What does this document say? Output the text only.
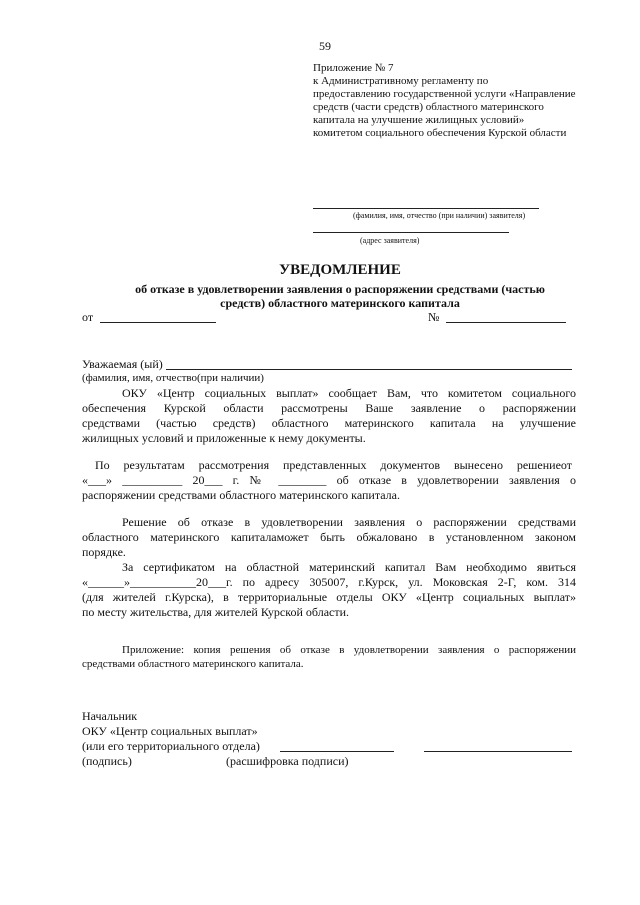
59
Приложение № 7
к Административному регламенту по
предоставлению государственной услуги «Направление
средств (части средств) областного материнского
капитала на улучшение жилищных условий»
комитетом социального обеспечения Курской области
(фамилия, имя, отчество (при наличии) заявителя)
(адрес заявителя)
УВЕДОМЛЕНИЕ
об отказе в удовлетворении заявления о распоряжении средствами (частью
средств) областного материнского капитала
от	№
Уважаемая (ый)
(фамилия, имя, отчество(при наличии)
ОКУ «Центр социальных выплат» сообщает Вам, что комитетом социального
обеспечения Курской области рассмотрены Ваше заявление о распоряжении
средствами (частью средств) областного материнского капитала на улучшение
жилищных условий и приложенные к нему документы.
По результатам рассмотрения представленных документов вынесено решениеот
«___» __________ 20___ г. № ________ об отказе в удовлетворении заявления о
распоряжении средствами областного материнского капитала.
Решение об отказе в удовлетворении заявления о распоряжении средствами
областного материнского капиталаможет быть обжаловано в установленном законом
порядке.
За сертификатом на областной материнский капитал Вам необходимо явиться
«______»___________20___г. по адресу 305007, г.Курск, ул. Моковская 2-Г, ком. 314
(для жителей г.Курска), в территориальные отделы ОКУ «Центр социальных выплат»
по месту жительства, для жителей Курской области.
Приложение: копия решения об отказе в удовлетворении заявления о распоряжении
средствами областного материнского капитала.
Начальник
ОКУ «Центр социальных выплат»
(или его территориального отдела)
(подпись)	(расшифровка подписи)
